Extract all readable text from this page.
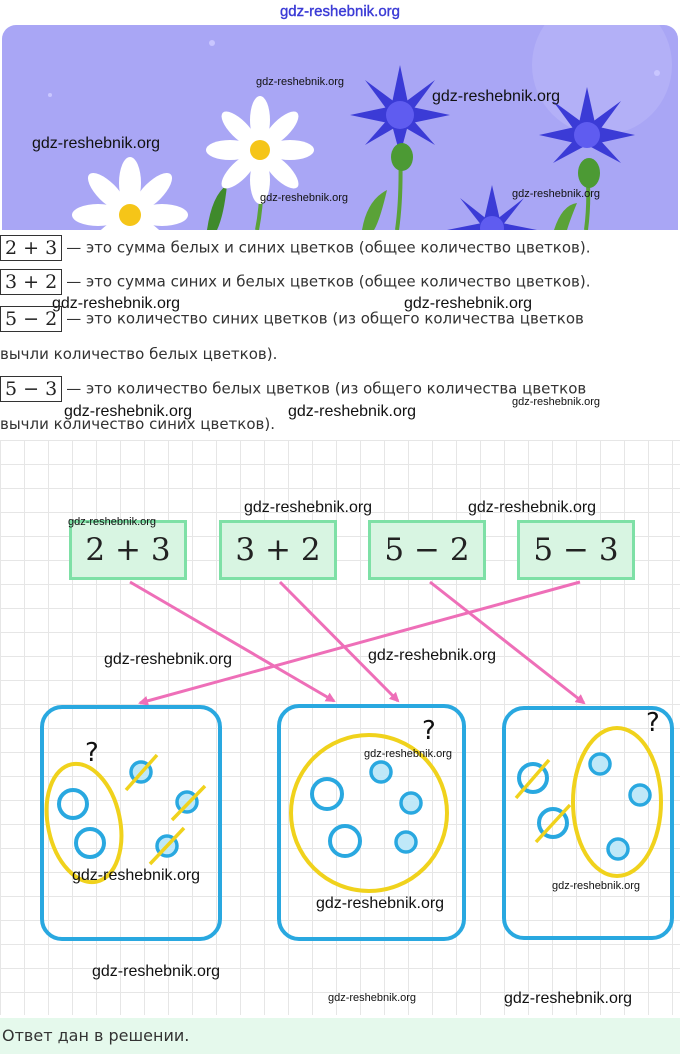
gdz-reshebnik.org
gdz-reshebnik.org
gdz-reshebnik.org
gdz-reshebnik.org
gdz-reshebnik.org	gdz-reshebnik.org
2 + 3 — это сумма белых и синих цветков (общее количество цветков).
3 + 2 — это сумма синих и белых цветков (общее количество цветков).
gdz-reshebnik.org	gdz-reshebnik.org
5 − 2 — это количество синих цветков (из общего количества цветков
вычли количество белых цветков).
5 − 3 — это количество белых цветков (из общего количества цветков
вычли количество синих цветков).
gdz-reshebnik.org	gdz-reshebnik.org
gdz-reshebnik.org
2 + 3	3 + 2	5 − 2	5 − 3
?
?	?
gdz-reshebnik.org
gdz-reshebnik.org	gdz-reshebnik.org
gdz-reshebnik.org	gdz-reshebnik.org
gdz-reshebnik.org
gdz-reshebnik.org
gdz-reshebnik.org
gdz-reshebnik.org
gdz-reshebnik.org
gdz-reshebnik.org	gdz-reshebnik.org
Ответ дан в решении.
